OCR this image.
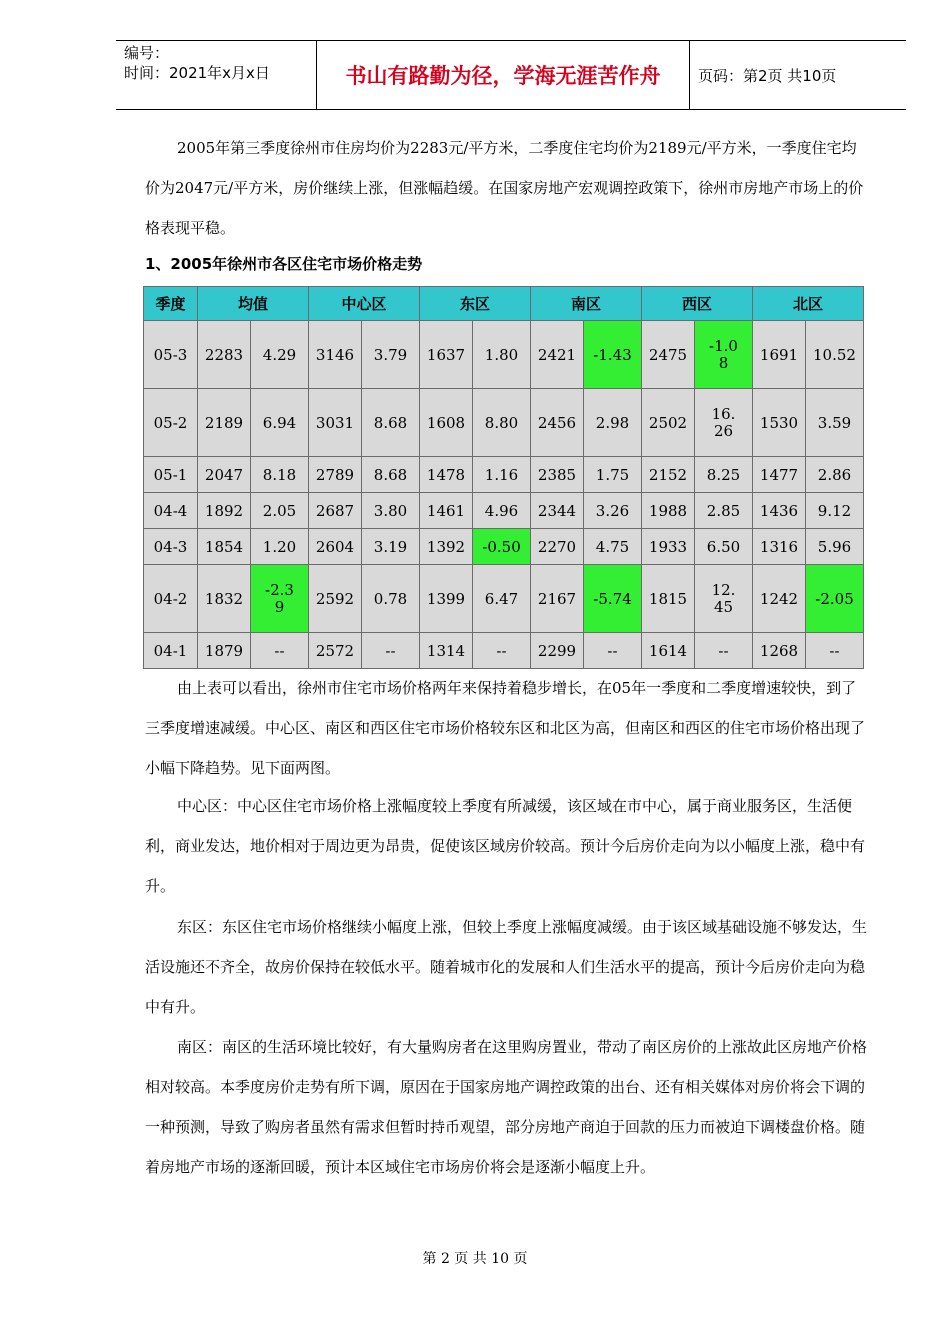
编号：
时间：2021年x月x日	书山有路勤为径，学海无涯苦作舟	页码：第2页 共10页

2005年第三季度徐州市住房均价为2283元/平方米，二季度住宅均价为2189元/平方米，一季度住宅均价为2047元/平方米，房价继续上涨，但涨幅趋缓。在国家房地产宏观调控政策下，徐州市房地产市场上的价格表现平稳。

1、2005年徐州市各区住宅市场价格走势
季度	均值		中心区		东区		南区		西区		北区	
05-3	2283	4.29	3146	3.79	1637	1.80	2421	-1.43	2475	-1.08	1691	10.52
05-2	2189	6.94	3031	8.68	1608	8.80	2456	2.98	2502	16.26	1530	3.59
05-1	2047	8.18	2789	8.68	1478	1.16	2385	1.75	2152	8.25	1477	2.86
04-4	1892	2.05	2687	3.80	1461	4.96	2344	3.26	1988	2.85	1436	9.12
04-3	1854	1.20	2604	3.19	1392	-0.50	2270	4.75	1933	6.50	1316	5.96
04-2	1832	-2.39	2592	0.78	1399	6.47	2167	-5.74	1815	12.45	1242	-2.05
04-1	1879	--	2572	--	1314	--	2299	--	1614	--	1268	--

由上表可以看出，徐州市住宅市场价格两年来保持着稳步增长，在05年一季度和二季度增速较快，到了三季度增速减缓。中心区、南区和西区住宅市场价格较东区和北区为高，但南区和西区的住宅市场价格出现了小幅下降趋势。见下面两图。

中心区：中心区住宅市场价格上涨幅度较上季度有所减缓，该区域在市中心，属于商业服务区，生活便利，商业发达，地价相对于周边更为昂贵，促使该区域房价较高。预计今后房价走向为以小幅度上涨，稳中有升。

东区：东区住宅市场价格继续小幅度上涨，但较上季度上涨幅度减缓。由于该区域基础设施不够发达，生活设施还不齐全，故房价保持在较低水平。随着城市化的发展和人们生活水平的提高，预计今后房价走向为稳中有升。

南区：南区的生活环境比较好，有大量购房者在这里购房置业，带动了南区房价的上涨故此区房地产价格相对较高。本季度房价走势有所下调，原因在于国家房地产调控政策的出台、还有相关媒体对房价将会下调的一种预测，导致了购房者虽然有需求但暂时持币观望，部分房地产商迫于回款的压力而被迫下调楼盘价格。随着房地产市场的逐渐回暖，预计本区域住宅市场房价将会是逐渐小幅度上升。

第 2 页 共 10 页
